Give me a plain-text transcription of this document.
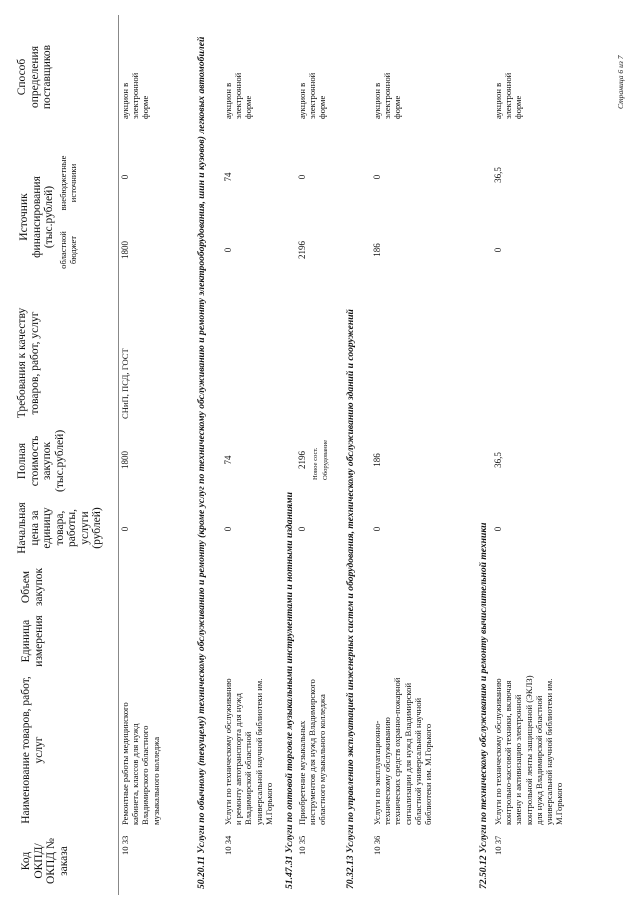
Код ОКПД/ ОКПД № заказа
Наименование товаров, работ, услуг
Единица измерения
Объем закупок
Начальная цена за единицу товара, работы, услуги (рублей)
Полная стоимость закупок (тыс.рублей)
Требования к качеству товаров, работ, услуг
Источник финансирования (тыс.рублей)
областной бюджет
внебюджетные источники
Способ определения поставщиков
10 33
Ремонтные работы медицинского кабинета, классов для нужд Владимирского областного музыкального колледжа
0
1800
СНиП, ПСД, ГОСТ
1800
0
аукцион в электронной форме
50.20.11 Услуги по обычному (текущему) техническому обслуживанию и ремонту (кроме услуг по техническому обслуживанию и ремонту электрооборудования, шин и кузовов) легковых автомобилей 10 34
Услуги по техническому обслуживанию и ремонту автотранспорта для нужд Владимирской областной универсальной научной библиотеки им. М.Горького
0
74
0
74
аукцион в электронной форме
51.47.31 Услуги по оптовой торговле музыкальными инструментами и нотными изданиями 10 35
Приобретение музыкальных инструментов для нужд Владимирского областного музыкального колледжа
0
2196 Новое сост. Оборудование
2196
0
аукцион в электронной форме
70.32.13 Услуги по управлению эксплуатацией инженерных систем и оборудования, техническому обслуживанию зданий и сооружений 10 36
Услуги по эксплуатационно-техническому обслуживанию технических средств охранно-пожарной сигнализации для нужд Владимирской областной универсальной научной библиотеки им. М.Горького
0
186
186
0
аукцион в электронной форме
72.50.12 Услуги по техническому обслуживанию и ремонту вычислительной техники 10 37
Услуги по техническому обслуживанию контрольно-кассовой техники, включая замену и активизацию электронной контрольной ленты защищенной (ЭКЛЗ) для нужд Владимирской областной универсальной научной библиотеки им. М.Горького
0
36,5
0
36,5
аукцион в электронной форме	Страница 6 из 7
